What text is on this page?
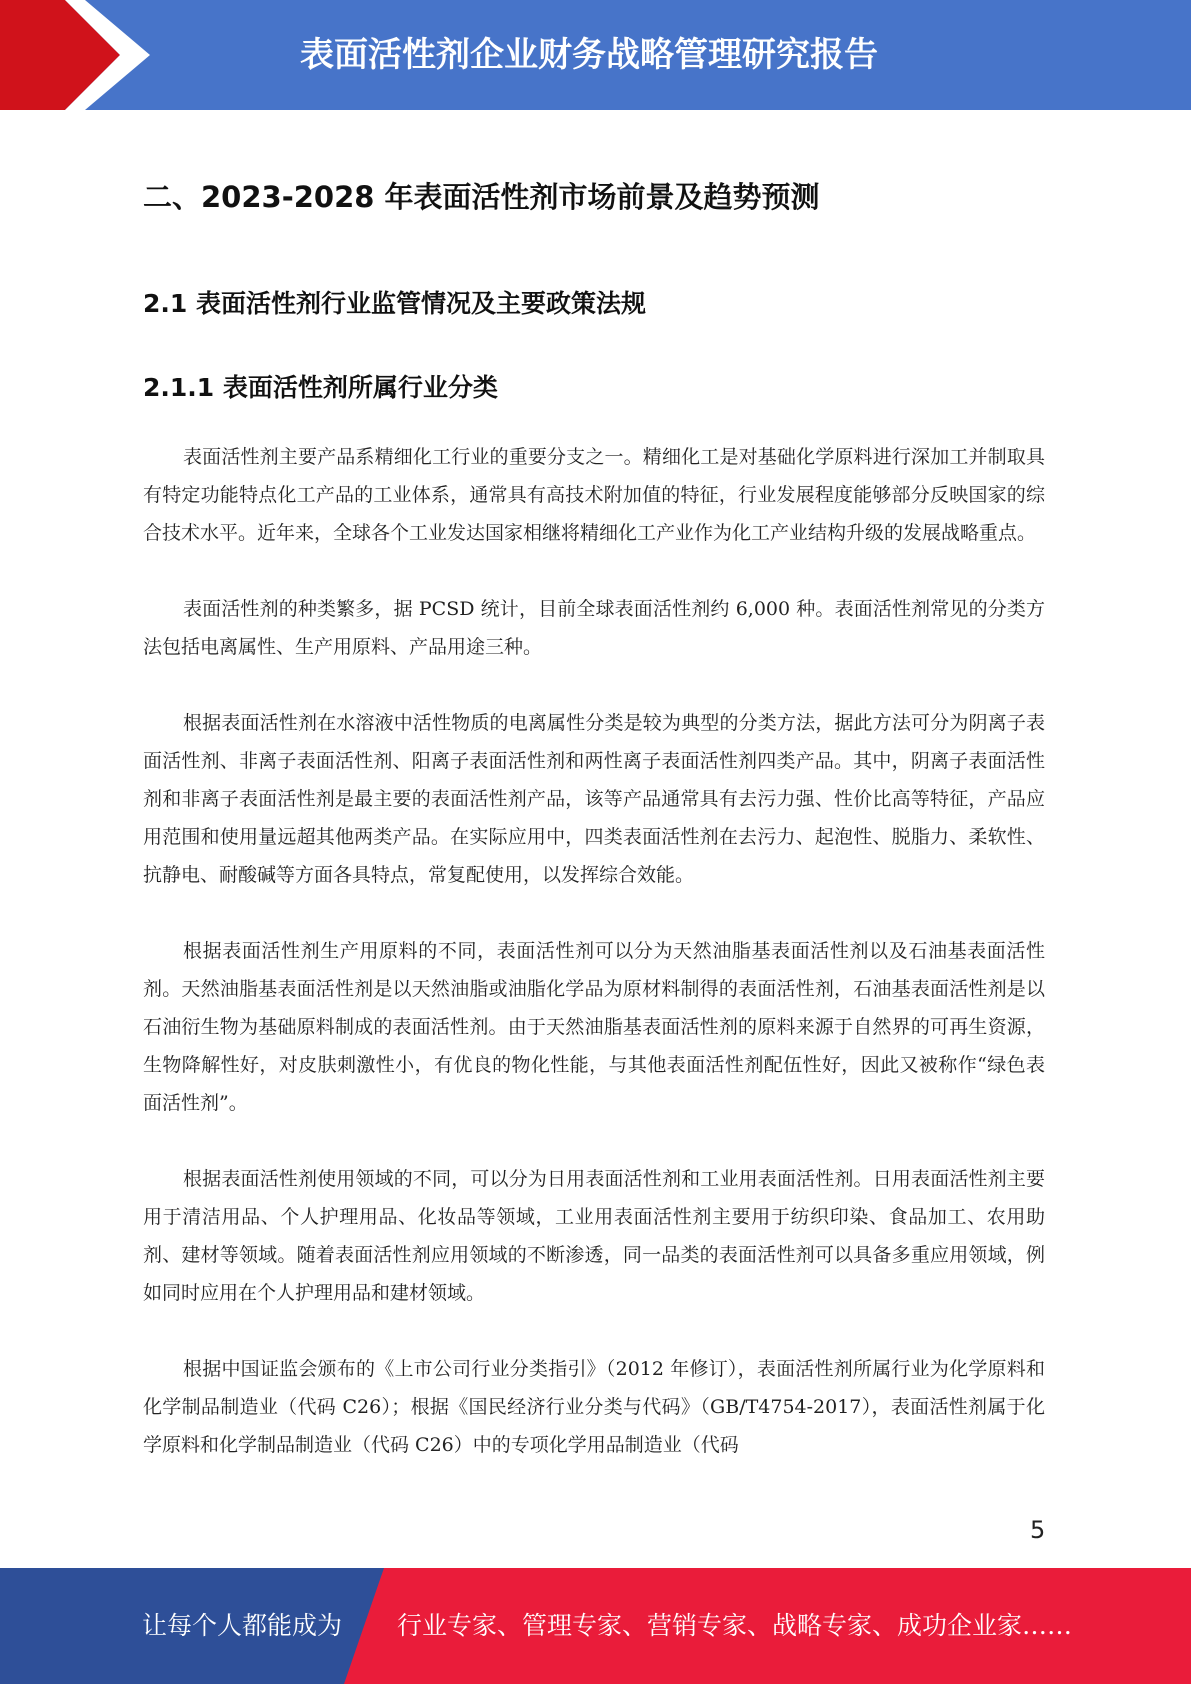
表面活性剂企业财务战略管理研究报告
二、2023-2028 年表面活性剂市场前景及趋势预测
2.1 表面活性剂行业监管情况及主要政策法规
2.1.1 表面活性剂所属行业分类

表面活性剂主要产品系精细化工行业的重要分支之一。精细化工是对基础化学原料进行深加工并制取具有特定功能特点化工产品的工业体系，通常具有高技术附加值的特征，行业发展程度能够部分反映国家的综合技术水平。近年来，全球各个工业发达国家相继将精细化工产业作为化工产业结构升级的发展战略重点。

表面活性剂的种类繁多，据 PCSD 统计，目前全球表面活性剂约 6,000 种。表面活性剂常见的分类方法包括电离属性、生产用原料、产品用途三种。

根据表面活性剂在水溶液中活性物质的电离属性分类是较为典型的分类方法，据此方法可分为阴离子表面活性剂、非离子表面活性剂、阳离子表面活性剂和两性离子表面活性剂四类产品。其中，阴离子表面活性剂和非离子表面活性剂是最主要的表面活性剂产品，该等产品通常具有去污力强、性价比高等特征，产品应用范围和使用量远超其他两类产品。在实际应用中，四类表面活性剂在去污力、起泡性、脱脂力、柔软性、抗静电、耐酸碱等方面各具特点，常复配使用，以发挥综合效能。

根据表面活性剂生产用原料的不同，表面活性剂可以分为天然油脂基表面活性剂以及石油基表面活性剂。天然油脂基表面活性剂是以天然油脂或油脂化学品为原材料制得的表面活性剂，石油基表面活性剂是以石油衍生物为基础原料制成的表面活性剂。由于天然油脂基表面活性剂的原料来源于自然界的可再生资源，生物降解性好，对皮肤刺激性小，有优良的物化性能，与其他表面活性剂配伍性好，因此又被称作“绿色表面活性剂”。

根据表面活性剂使用领域的不同，可以分为日用表面活性剂和工业用表面活性剂。日用表面活性剂主要用于清洁用品、个人护理用品、化妆品等领域，工业用表面活性剂主要用于纺织印染、食品加工、农用助剂、建材等领域。随着表面活性剂应用领域的不断渗透，同一品类的表面活性剂可以具备多重应用领域，例如同时应用在个人护理用品和建材领域。

根据中国证监会颁布的《上市公司行业分类指引》（2012 年修订），表面活性剂所属行业为化学原料和化学制品制造业（代码 C26）；根据《国民经济行业分类与代码》（GB/T4754-2017），表面活性剂属于化学原料和化学制品制造业（代码 C26）中的专项化学用品制造业（代码

5
让每个人都能成为 行业专家、管理专家、营销专家、战略专家、成功企业家……
